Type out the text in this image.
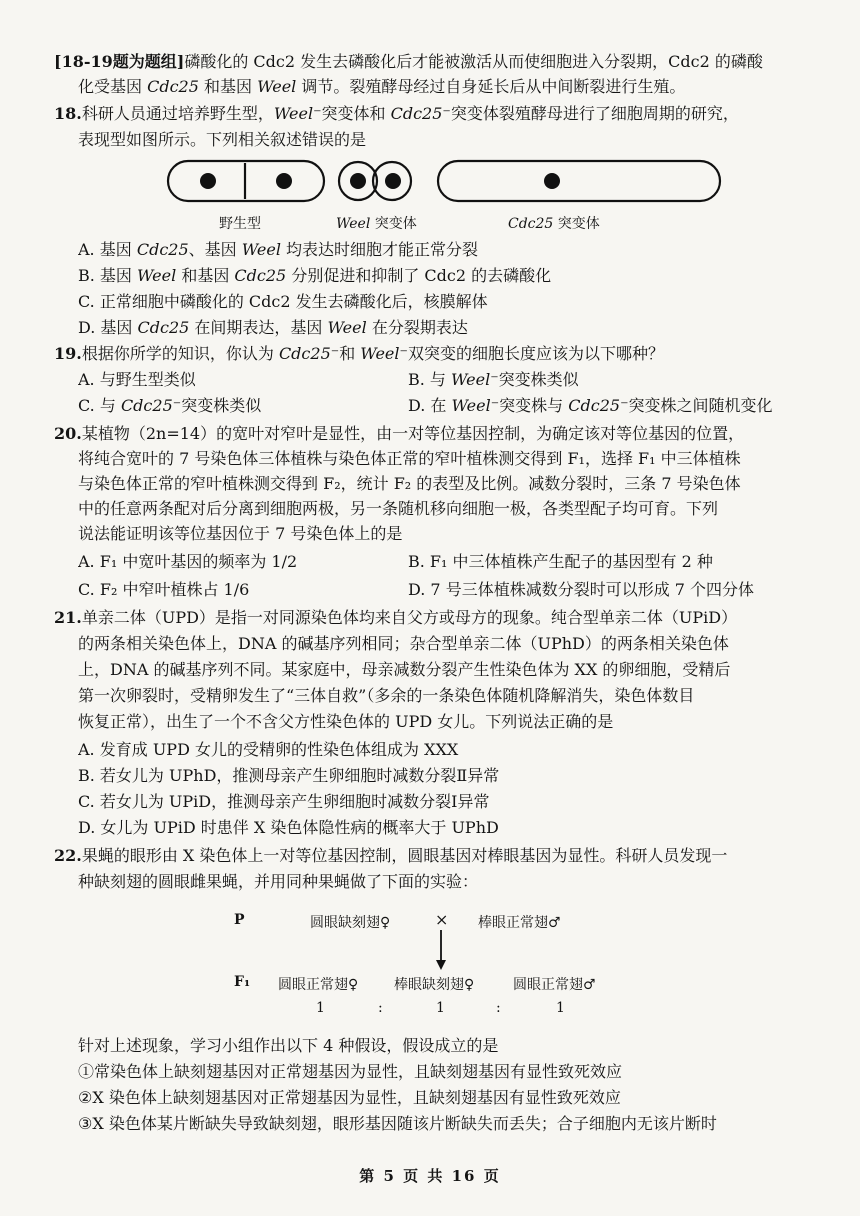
[18-19题为题组]磷酸化的 Cdc2 发生去磷酸化后才能被激活从而使细胞进入分裂期，Cdc2 的磷酸
化受基因 Cdc25 和基因 Weel 调节。裂殖酵母经过自身延长后从中间断裂进行生殖。
18.科研人员通过培养野生型，Weel⁻突变体和 Cdc25⁻突变体裂殖酵母进行了细胞周期的研究，
表现型如图所示。下列相关叙述错误的是
野生型	Weel 突变体	Cdc25 突变体
A. 基因 Cdc25、基因 Weel 均表达时细胞才能正常分裂
B. 基因 Weel 和基因 Cdc25 分别促进和抑制了 Cdc2 的去磷酸化
C. 正常细胞中磷酸化的 Cdc2 发生去磷酸化后，核膜解体
D. 基因 Cdc25 在间期表达，基因 Weel 在分裂期表达
19.根据你所学的知识，你认为 Cdc25⁻和 Weel⁻双突变的细胞长度应该为以下哪种？
A. 与野生型类似	B. 与 Weel⁻突变株类似
C. 与 Cdc25⁻突变株类似	D. 在 Weel⁻突变株与 Cdc25⁻突变株之间随机变化
20.某植物（2n=14）的宽叶对窄叶是显性，由一对等位基因控制，为确定该对等位基因的位置，
将纯合宽叶的 7 号染色体三体植株与染色体正常的窄叶植株测交得到 F₁，选择 F₁ 中三体植株
与染色体正常的窄叶植株测交得到 F₂，统计 F₂ 的表型及比例。减数分裂时，三条 7 号染色体
中的任意两条配对后分离到细胞两极，另一条随机移向细胞一极，各类型配子均可育。下列
说法能证明该等位基因位于 7 号染色体上的是
A. F₁ 中宽叶基因的频率为 1/2	B. F₁ 中三体植株产生配子的基因型有 2 种
C. F₂ 中窄叶植株占 1/6	D. 7 号三体植株减数分裂时可以形成 7 个四分体
21.单亲二体（UPD）是指一对同源染色体均来自父方或母方的现象。纯合型单亲二体（UPiD）
的两条相关染色体上，DNA 的碱基序列相同；杂合型单亲二体（UPhD）的两条相关染色体
上，DNA 的碱基序列不同。某家庭中，母亲减数分裂产生性染色体为 XX 的卵细胞，受精后
第一次卵裂时，受精卵发生了“三体自救”（多余的一条染色体随机降解消失，染色体数目
恢复正常），出生了一个不含父方性染色体的 UPD 女儿。下列说法正确的是
A. 发育成 UPD 女儿的受精卵的性染色体组成为 XXX
B. 若女儿为 UPhD，推测母亲产生卵细胞时减数分裂Ⅱ异常
C. 若女儿为 UPiD，推测母亲产生卵细胞时减数分裂Ⅰ异常
D. 女儿为 UPiD 时患伴 X 染色体隐性病的概率大于 UPhD
22.果蝇的眼形由 X 染色体上一对等位基因控制，圆眼基因对棒眼基因为显性。科研人员发现一
种缺刻翅的圆眼雌果蝇，并用同种果蝇做了下面的实验：
P	圆眼缺刻翅♀	× 棒眼正常翅♂
F₁ 圆眼正常翅♀	棒眼缺刻翅♀	圆眼正常翅♂
1	:	1	:	1
针对上述现象，学习小组作出以下 4 种假设，假设成立的是
①常染色体上缺刻翅基因对正常翅基因为显性，且缺刻翅基因有显性致死效应
②X 染色体上缺刻翅基因对正常翅基因为显性，且缺刻翅基因有显性致死效应
③X 染色体某片断缺失导致缺刻翅，眼形基因随该片断缺失而丢失；合子细胞内无该片断时
第 5 页 共 16 页
